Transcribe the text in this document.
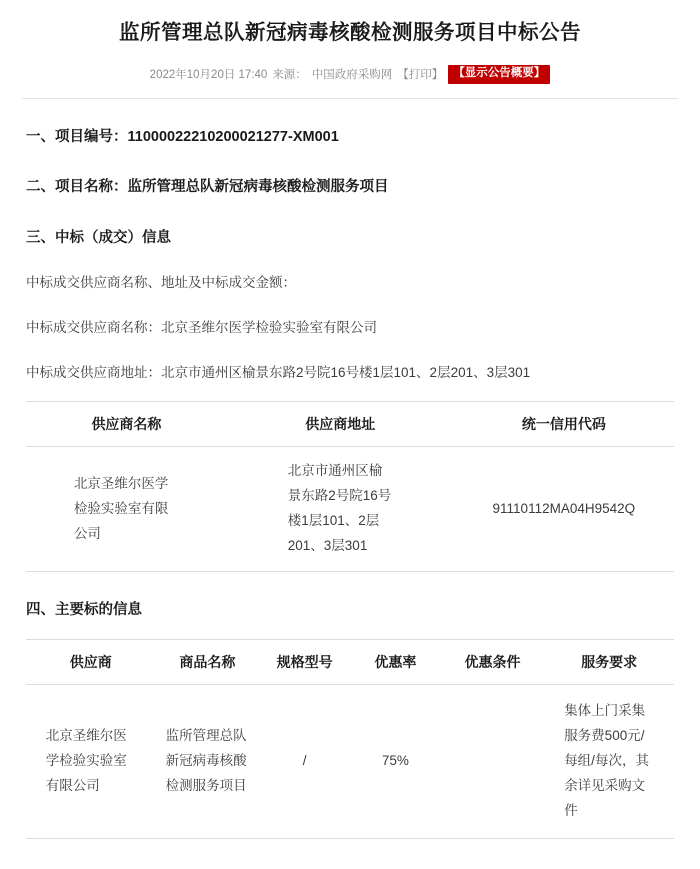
监所管理总队新冠病毒核酸检测服务项目中标公告
2022年10月20日 17:40 来源： 中国政府采购网 【打印】 【显示公告概要】
一、项目编号：11000022210200021277-XM001
二、项目名称：监所管理总队新冠病毒核酸检测服务项目
三、中标（成交）信息
中标成交供应商名称、地址及中标成交金额：
中标成交供应商名称：北京圣维尔医学检验实验室有限公司
中标成交供应商地址：北京市通州区榆景东路2号院16号楼1层101、2层201、3层301
供应商名称	供应商地址	统一信用代码

北京圣维尔医学检验实验室有限公司	北京市通州区榆景东路2号院16号楼1层101、2层201、3层301	91110112MA04H9542Q
四、主要标的信息
供应商	商品名称	规格型号	优惠率	优惠条件	服务要求

北京圣维尔医学检验实验室有限公司	监所管理总队新冠病毒核酸检测服务项目	/	75%		集体上门采集服务费500元/每组/每次，其余详见采购文件
